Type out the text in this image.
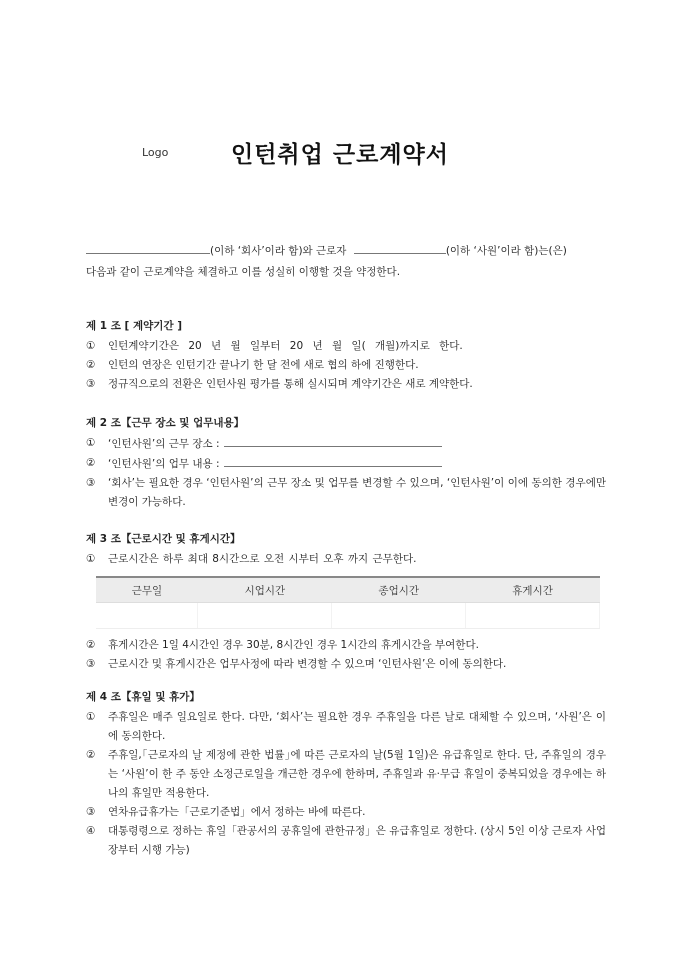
Logo	인턴취업 근로계약서
(이하 ‘회사’이라 함)와 근로자	(이하 ‘사원’이라 함)는(은)
다음과 같이 근로계약을 체결하고 이를 성실히 이행할 것을 약정한다.
제 1 조 [ 계약기간 ]
①	인턴계약기간은 20 년 월 일부터 20 년 월 일( 개월)까지로 한다.
②	인턴의 연장은 인턴기간 끝나기 한 달 전에 새로 협의 하에 진행한다.
③	정규직으로의 전환은 인턴사원 평가를 통해 실시되며 계약기간은 새로 계약한다.
제 2 조【근무 장소 및 업무내용】
①	‘인턴사원’의 근무 장소 :
②	‘인턴사원’의 업무 내용 :
③	‘회사’는 필요한 경우 ‘인턴사원’의 근무 장소 및 업무를 변경할 수 있으며, ‘인턴사원’이 이에 동의한 경우에만 변경이 가능하다.
제 3 조【근로시간 및 휴게시간】
①	근로시간은 하루 최대 8시간으로 오전 시부터 오후 까지 근무한다.
근무일	시업시간	종업시간	휴게시간

②	휴게시간은 1일 4시간인 경우 30분, 8시간인 경우 1시간의 휴게시간을 부여한다.
③	근로시간 및 휴게시간은 업무사정에 따라 변경할 수 있으며 ‘인턴사원’은 이에 동의한다.
제 4 조【휴일 및 휴가】
①	주휴일은 매주 일요일로 한다. 다만, ‘회사’는 필요한 경우 주휴일을 다른 날로 대체할 수 있으며, ‘사원’은 이에 동의한다.
②	주휴일,｢근로자의 날 제정에 관한 법률｣에 따른 근로자의 날(5월 1일)은 유급휴일로 한다. 단, 주휴일의 경우는 ‘사원’이 한 주 동안 소정근로일을 개근한 경우에 한하며, 주휴일과 유·무급 휴일이 중복되었을 경우에는 하나의 휴일만 적용한다.
③	연차유급휴가는「근로기준법」에서 정하는 바에 따른다.
④	대통령령으로 정하는 휴일「관공서의 공휴일에 관한규정」은 유급휴일로 정한다. (상시 5인 이상 근로자 사업장부터 시행 가능)
